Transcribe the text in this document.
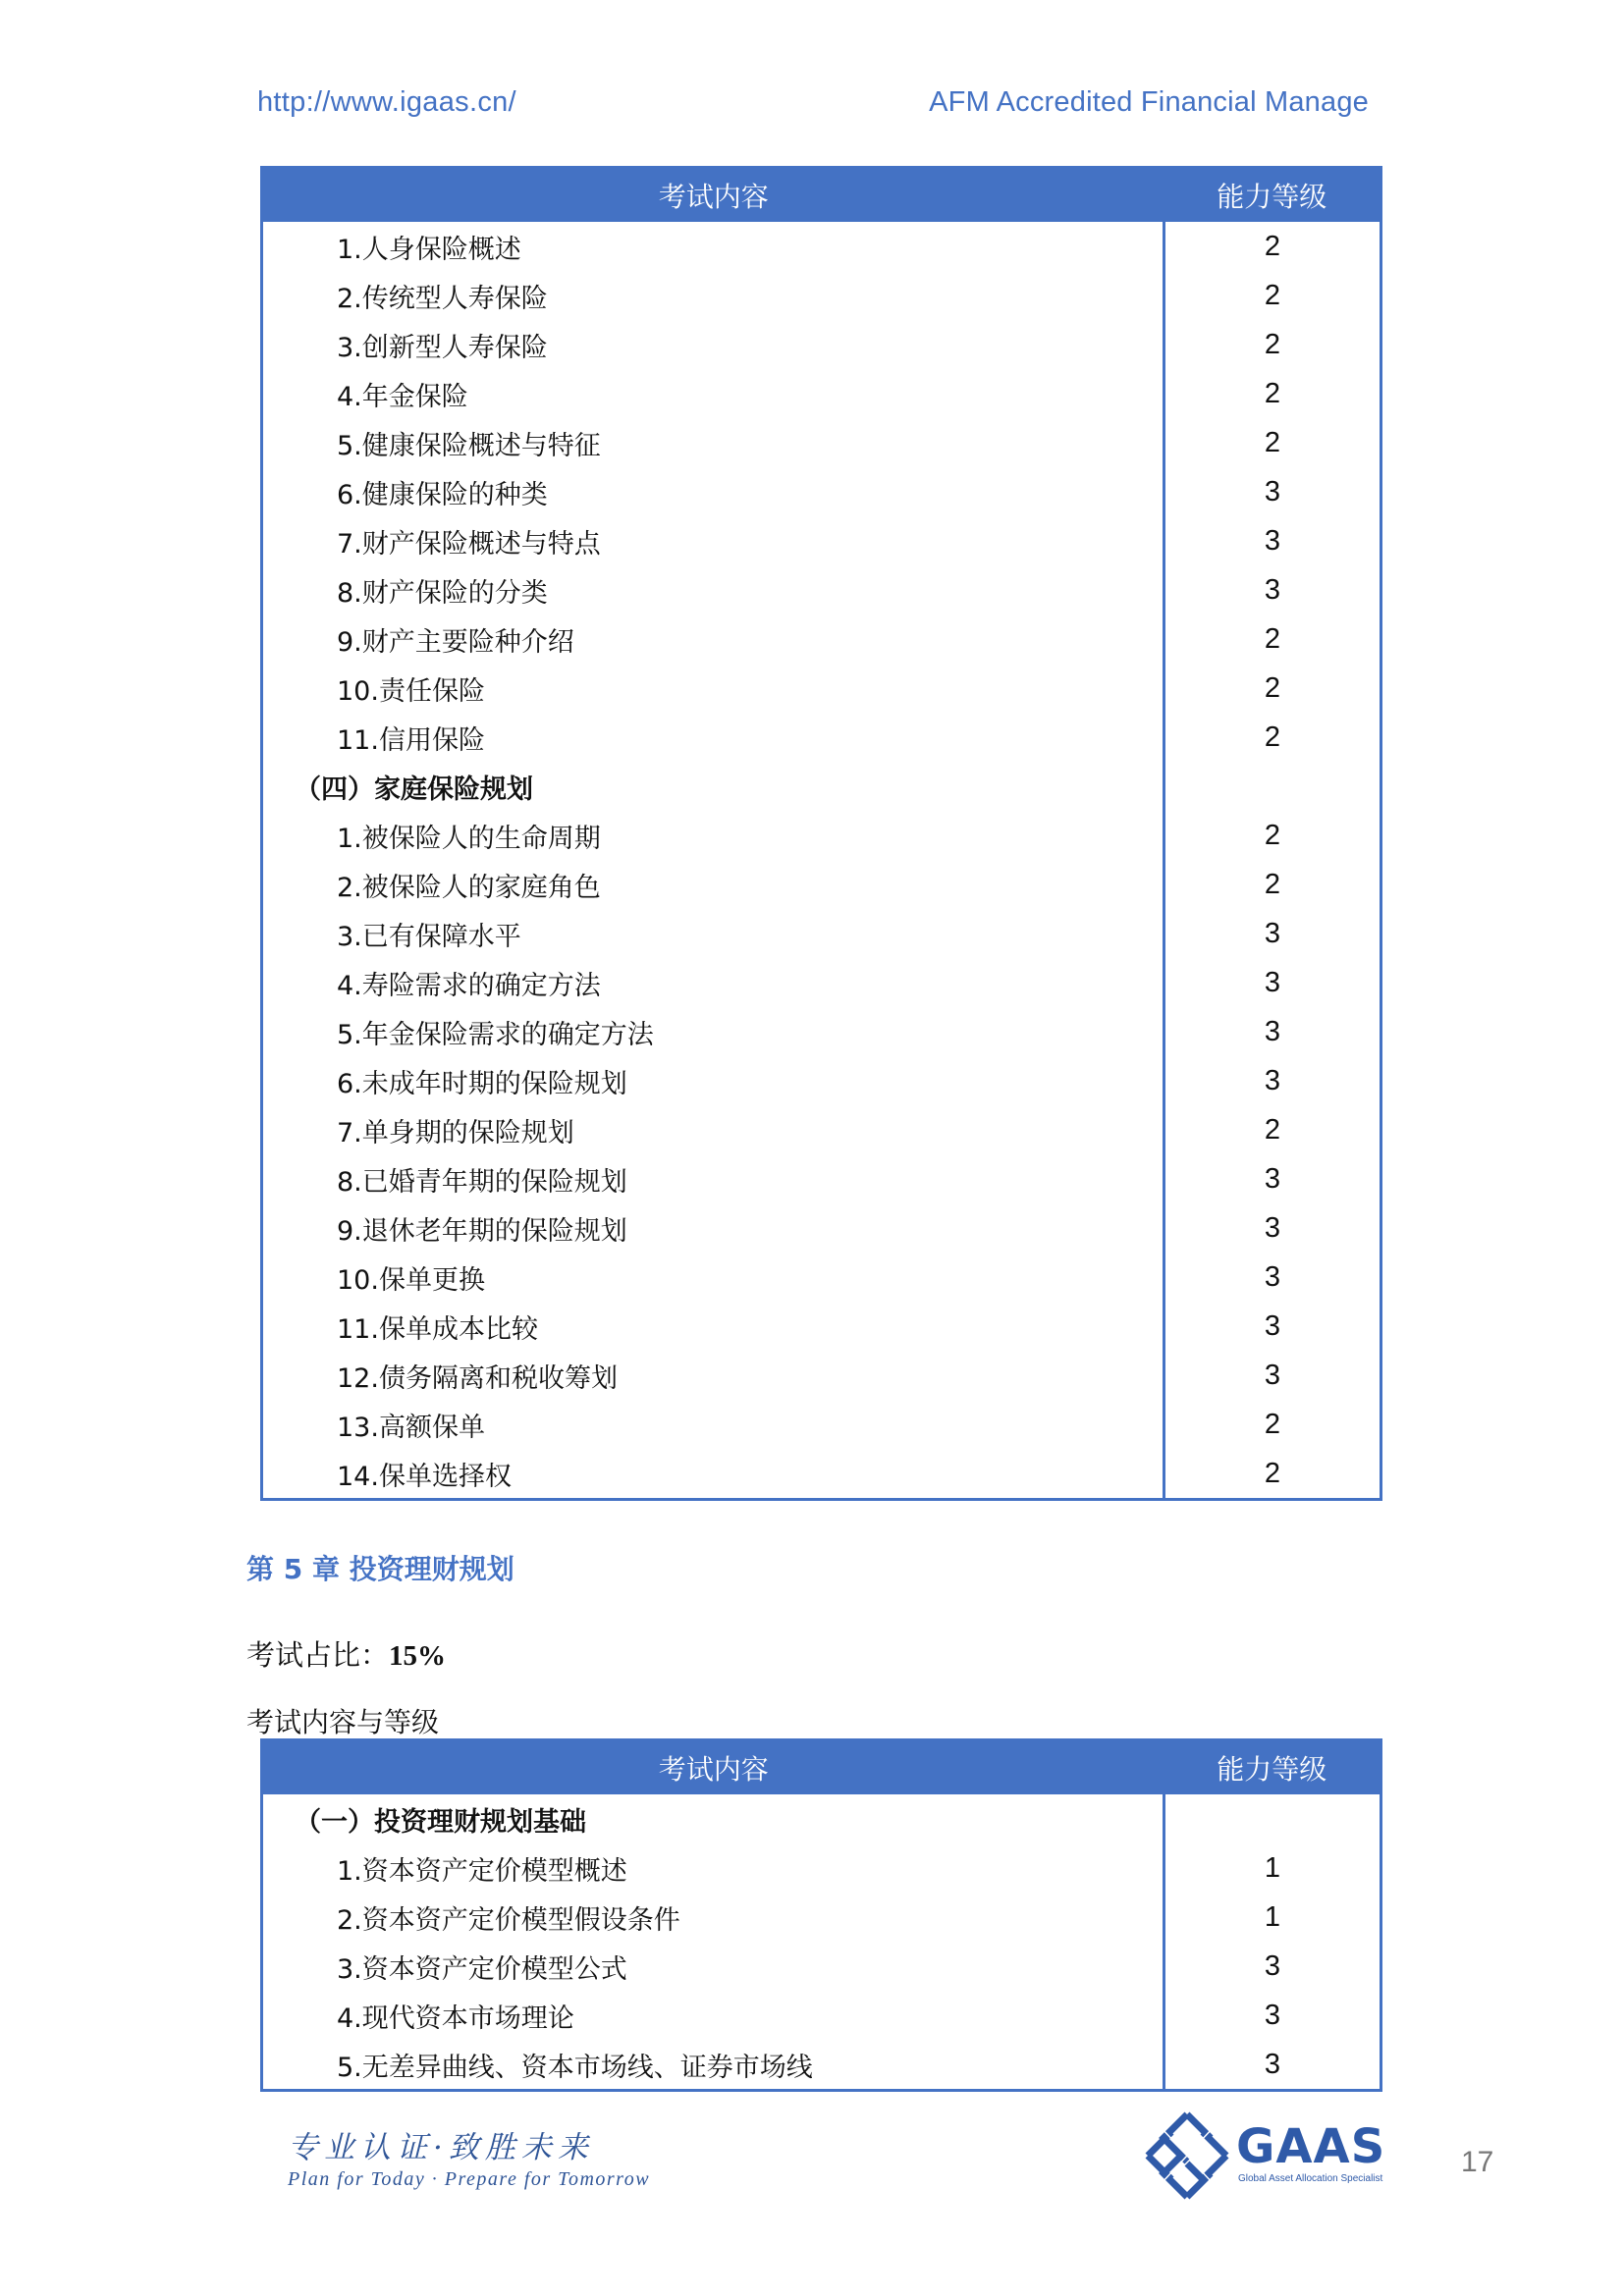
http://www.igaas.cn/	AFM Accredited Financial Manage
考试内容	能力等级
1.人身保险概述	2
2.传统型人寿保险	2
3.创新型人寿保险	2
4.年金保险	2
5.健康保险概述与特征	2
6.健康保险的种类	3
7.财产保险概述与特点	3
8.财产保险的分类	3
9.财产主要险种介绍	2
10.责任保险	2
11.信用保险	2
（四）家庭保险规划	
1.被保险人的生命周期	2
2.被保险人的家庭角色	2
3.已有保障水平	3
4.寿险需求的确定方法	3
5.年金保险需求的确定方法	3
6.未成年时期的保险规划	3
7.单身期的保险规划	2
8.已婚青年期的保险规划	3
9.退休老年期的保险规划	3
10.保单更换	3
11.保单成本比较	3
12.债务隔离和税收筹划	3
13.高额保单	2
14.保单选择权	2
第 5 章 投资理财规划
考试占比：15%
考试内容与等级
考试内容	能力等级
（一）投资理财规划基础	
1.资本资产定价模型概述	1
2.资本资产定价模型假设条件	1
3.资本资产定价模型公式	3
4.现代资本市场理论	3
5.无差异曲线、资本市场线、证券市场线	3
专业认证·致胜未来
Plan for Today · Prepare for Tomorrow
GAAS
Global Asset Allocation Specialist
17
